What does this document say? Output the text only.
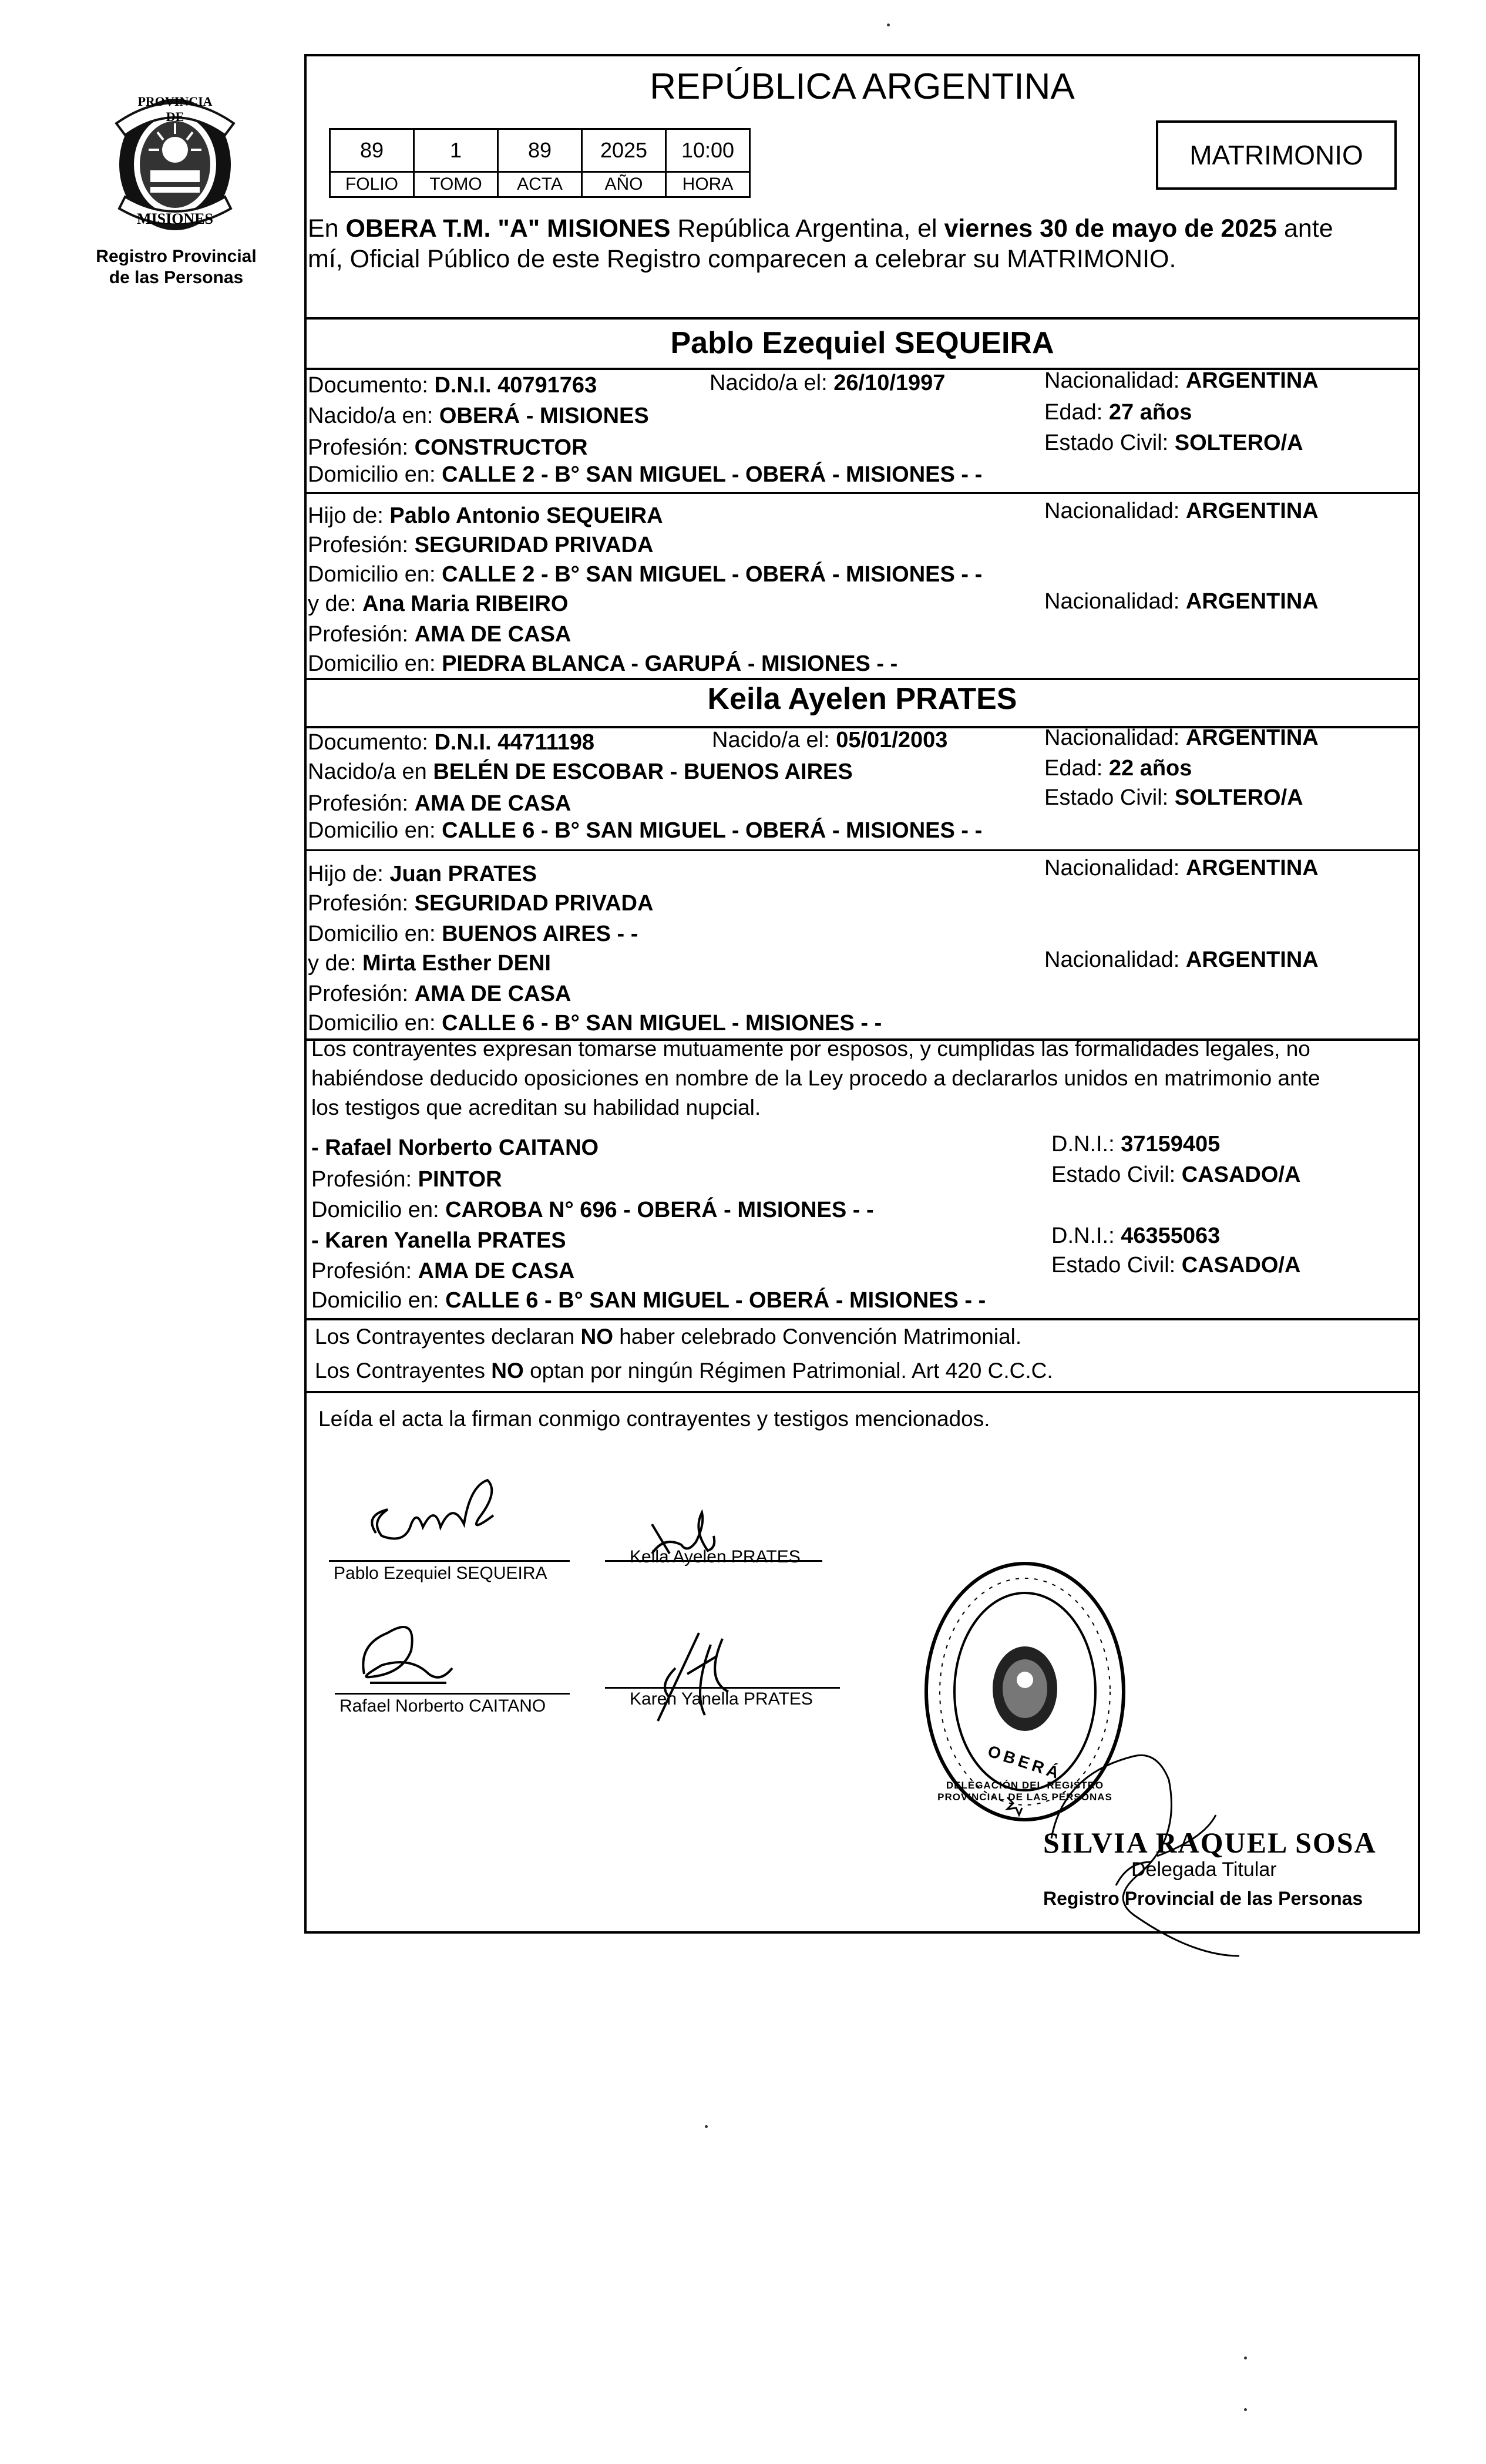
PROVINCIA DE
MISIONES
Registro Provincial
de las Personas
REPÚBLICA ARGENTINA
89	1	89	2025	10:00
FOLIO	TOMO	ACTA	AÑO	HORA
MATRIMONIO
En OBERA T.M. "A" MISIONES República Argentina, el viernes 30 de mayo de 2025 ante
mí, Oficial Público de este Registro comparecen a celebrar su MATRIMONIO.
Pablo Ezequiel SEQUEIRA
Documento: D.N.I. 40791763	Nacido/a el: 26/10/1997	Nacionalidad: ARGENTINA
Nacido/a en: OBERÁ - MISIONES	Edad: 27 años
Profesión: CONSTRUCTOR	Estado Civil: SOLTERO/A
Domicilio en: CALLE 2 - B° SAN MIGUEL - OBERÁ - MISIONES - -
Hijo de: Pablo Antonio SEQUEIRA	Nacionalidad: ARGENTINA
Profesión: SEGURIDAD PRIVADA
Domicilio en: CALLE 2 - B° SAN MIGUEL - OBERÁ - MISIONES - -
y de: Ana Maria RIBEIRO	Nacionalidad: ARGENTINA
Profesión: AMA DE CASA
Domicilio en: PIEDRA BLANCA - GARUPÁ - MISIONES - -
Keila Ayelen PRATES
Documento: D.N.I. 44711198	Nacido/a el: 05/01/2003	Nacionalidad: ARGENTINA
Nacido/a en BELÉN DE ESCOBAR - BUENOS AIRES	Edad: 22 años
Profesión: AMA DE CASA	Estado Civil: SOLTERO/A
Domicilio en: CALLE 6 - B° SAN MIGUEL - OBERÁ - MISIONES - -
Hijo de: Juan PRATES	Nacionalidad: ARGENTINA
Profesión: SEGURIDAD PRIVADA
Domicilio en: BUENOS AIRES - -
y de: Mirta Esther DENI	Nacionalidad: ARGENTINA
Profesión: AMA DE CASA
Domicilio en: CALLE 6 - B° SAN MIGUEL - MISIONES - -
Los contrayentes expresan tomarse mutuamente por esposos, y cumplidas las formalidades legales, no
habiéndose deducido oposiciones en nombre de la Ley procedo a declararlos unidos en matrimonio ante
los testigos que acreditan su habilidad nupcial.
- Rafael Norberto CAITANO	D.N.I.: 37159405
Profesión: PINTOR	Estado Civil: CASADO/A
Domicilio en: CAROBA N° 696 - OBERÁ - MISIONES - -
- Karen Yanella PRATES	D.N.I.: 46355063
Profesión: AMA DE CASA	Estado Civil: CASADO/A
Domicilio en: CALLE 6 - B° SAN MIGUEL - OBERÁ - MISIONES - -
Los Contrayentes declaran NO haber celebrado Convención Matrimonial.
Los Contrayentes NO optan por ningún Régimen Patrimonial. Art 420 C.C.C.
Leída el acta la firman conmigo contrayentes y testigos mencionados.
Pablo Ezequiel SEQUEIRA
Keila Ayelen PRATES
Rafael Norberto CAITANO	Karen Yanella PRATES
OBERÁ
DELEGACIÓN DEL REGISTRO PROVINCIAL DE LAS PERSONAS
SILVIA RAQUEL SOSA
Delegada Titular
Registro Provincial de las Personas
